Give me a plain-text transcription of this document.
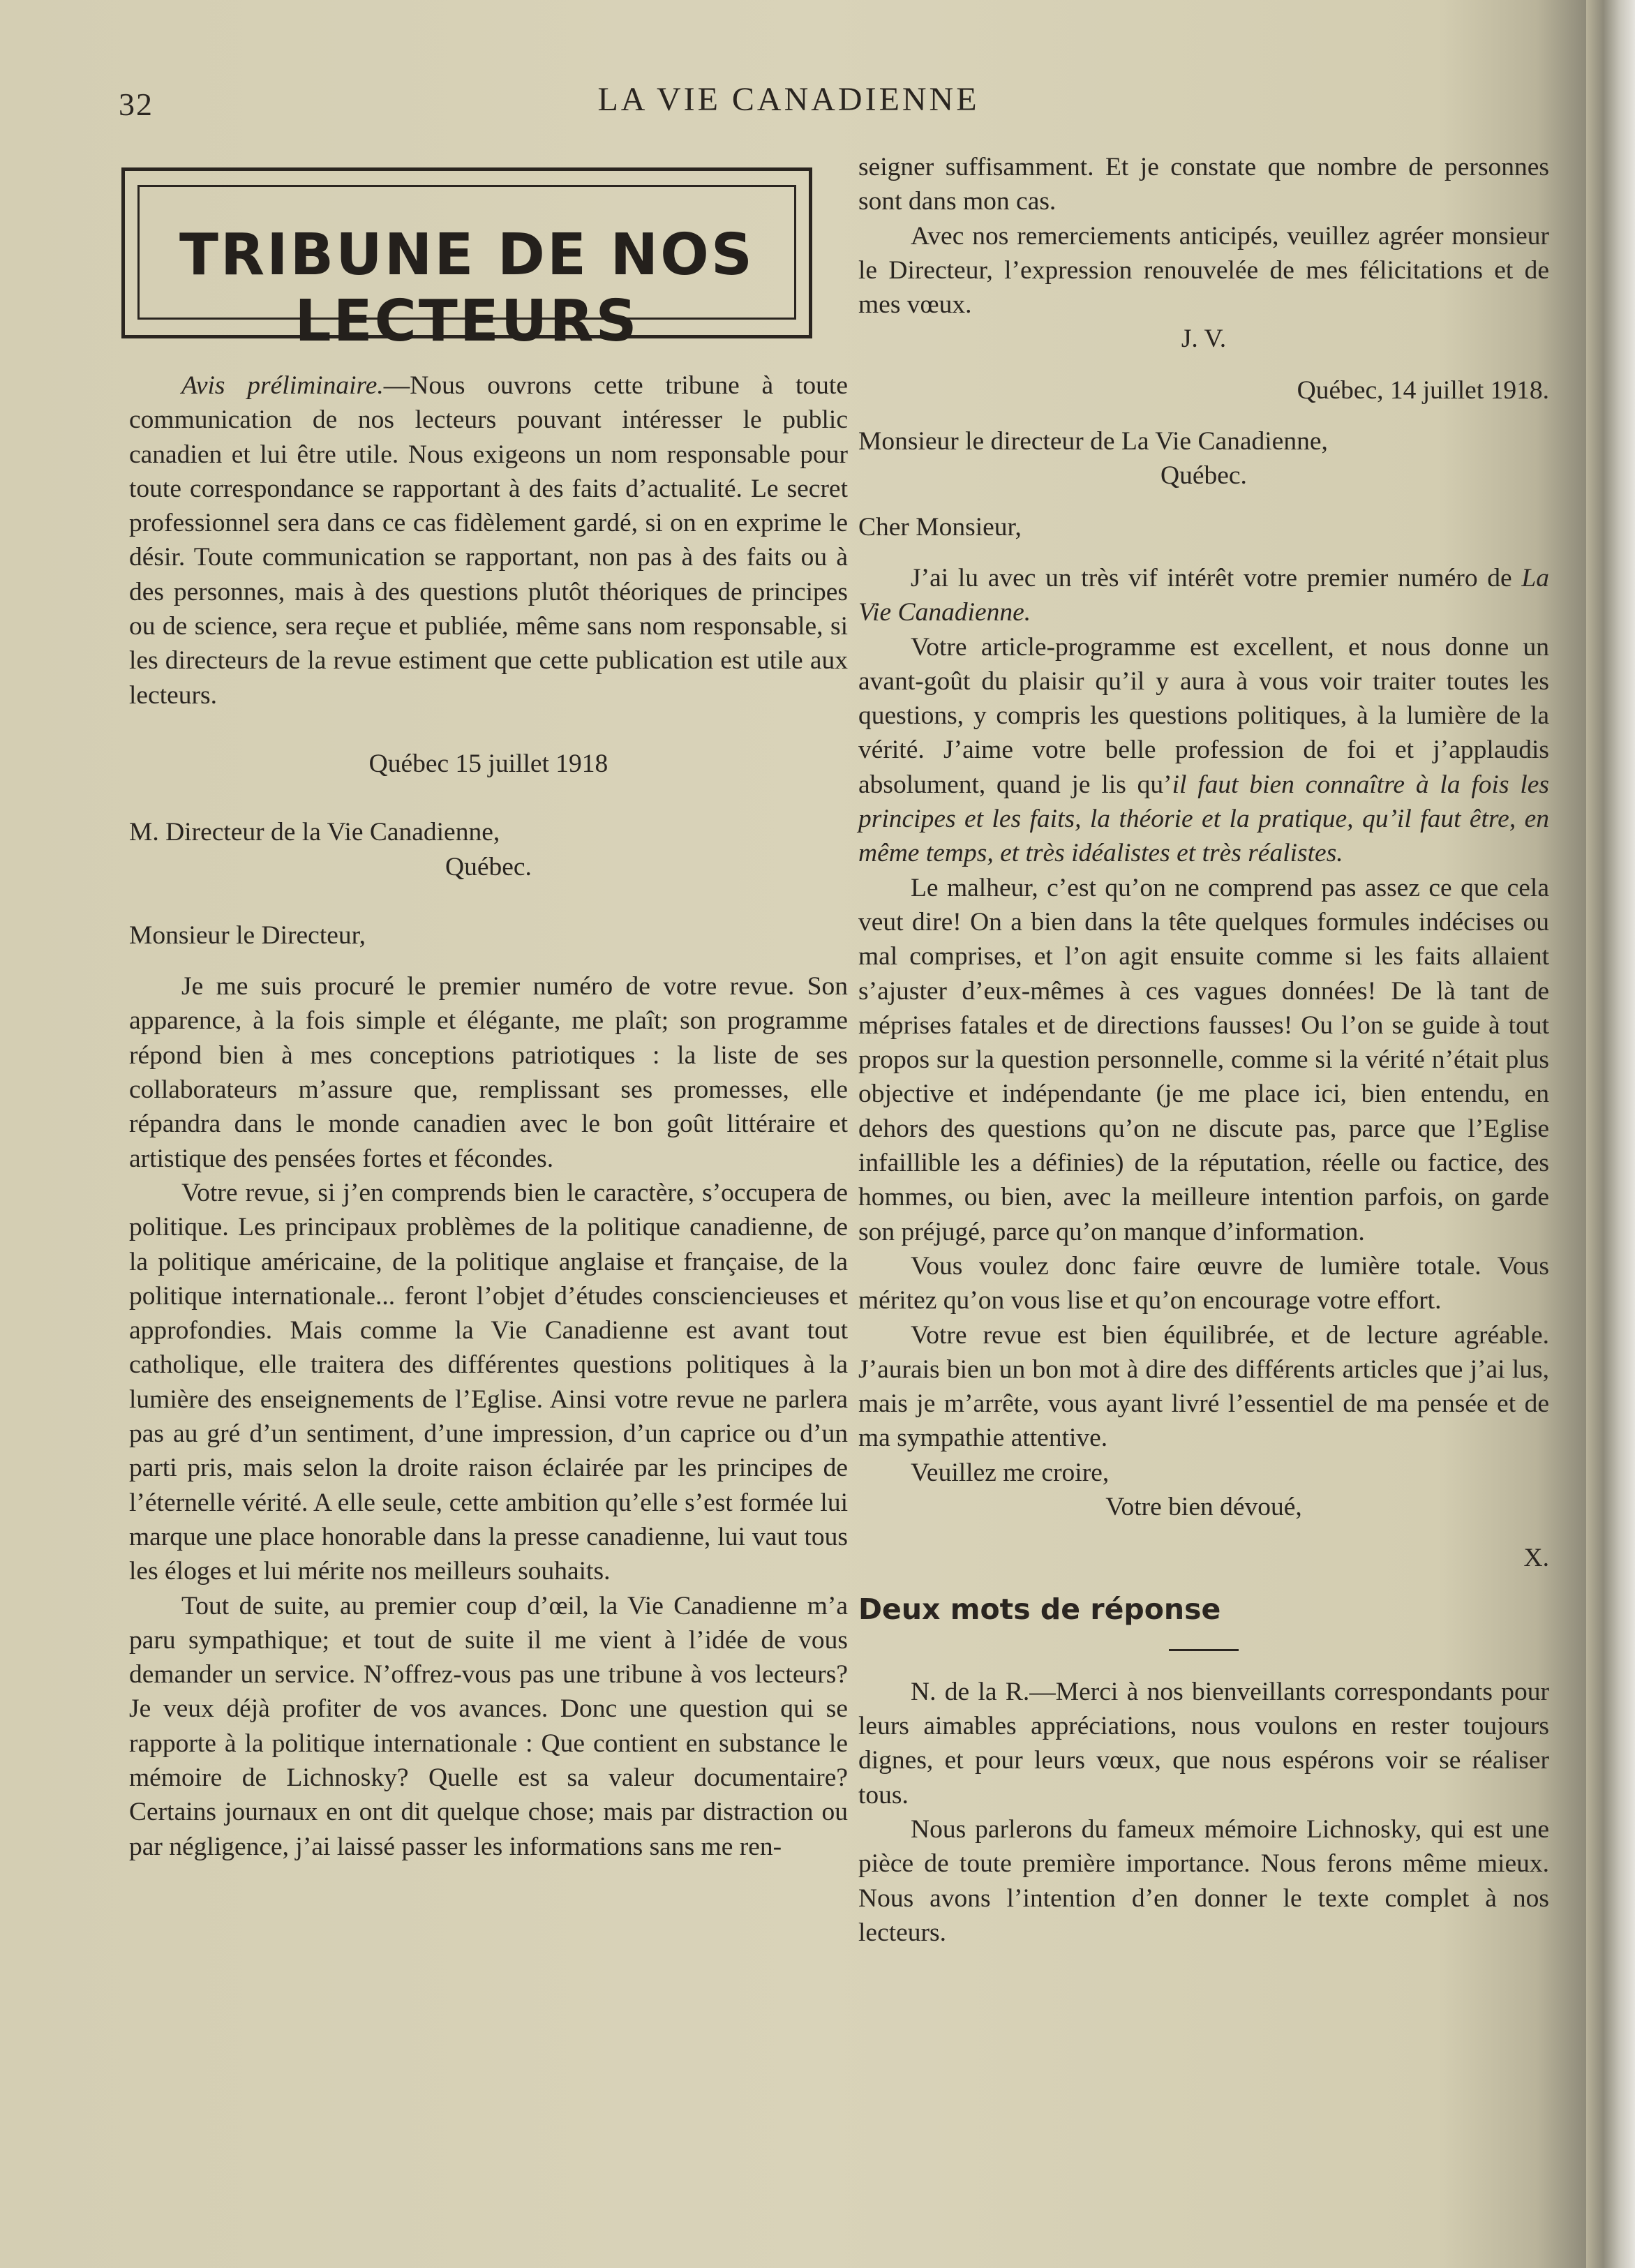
32	LA VIE CANADIENNE
TRIBUNE DE NOS LECTEURS

Avis préliminaire.—Nous ouvrons cette tribune à toute communication de nos lecteurs pouvant intéresser le public canadien et lui être utile. Nous exigeons un nom responsable pour toute correspondance se rapportant à des faits d’actualité. Le secret professionnel sera dans ce cas fidèlement gardé, si on en exprime le désir. Toute communication se rapportant, non pas à des faits ou à des personnes, mais à des questions plutôt théoriques de principes ou de science, sera reçue et publiée, même sans nom responsable, si les directeurs de la revue estiment que cette publication est utile aux lecteurs.

Québec 15 juillet 1918

M. Directeur de la Vie Canadienne,

Québec.

Monsieur le Directeur,

Je me suis procuré le premier numéro de votre revue. Son apparence, à la fois simple et élégante, me plaît; son programme répond bien à mes conceptions patriotiques : la liste de ses collaborateurs m’assure que, remplissant ses promesses, elle répandra dans le monde canadien avec le bon goût littéraire et artistique des pensées fortes et fécondes.

Votre revue, si j’en comprends bien le caractère, s’occupera de politique. Les principaux problèmes de la politique canadienne, de la politique américaine, de la politique anglaise et française, de la politique internationale... feront l’objet d’études consciencieuses et approfondies. Mais comme la Vie Canadienne est avant tout catholique, elle traitera des différentes questions politiques à la lumière des enseignements de l’Eglise. Ainsi votre revue ne parlera pas au gré d’un sentiment, d’une impression, d’un caprice ou d’un parti pris, mais selon la droite raison éclairée par les principes de l’éternelle vérité. A elle seule, cette ambition qu’elle s’est formée lui marque une place honorable dans la presse canadienne, lui vaut tous les éloges et lui mérite nos meilleurs souhaits.

Tout de suite, au premier coup d’œil, la Vie Canadienne m’a paru sympathique; et tout de suite il me vient à l’idée de vous demander un service. N’offrez-vous pas une tribune à vos lecteurs? Je veux déjà profiter de vos avances. Donc une question qui se rapporte à la politique internationale : Que contient en substance le mémoire de Lichnosky? Quelle est sa valeur documentaire? Certains journaux en ont dit quelque chose; mais par distraction ou par négligence, j’ai laissé passer les informations sans me ren-

seigner suffisamment. Et je constate que nombre de personnes sont dans mon cas.

Avec nos remerciements anticipés, veuillez agréer monsieur le Directeur, l’expression renouvelée de mes félicitations et de mes vœux.

J. V.

Québec, 14 juillet 1918.

Monsieur le directeur de La Vie Canadienne,

Québec.

Cher Monsieur,

J’ai lu avec un très vif intérêt votre premier numéro de La Vie Canadienne.

Votre article-programme est excellent, et nous donne un avant-goût du plaisir qu’il y aura à vous voir traiter toutes les questions, y compris les questions politiques, à la lumière de la vérité. J’aime votre belle profession de foi et j’applaudis absolument, quand je lis qu’il faut bien connaître à la fois les principes et les faits, la théorie et la pratique, qu’il faut être, en même temps, et très idéalistes et très réalistes.

Le malheur, c’est qu’on ne comprend pas assez ce que cela veut dire! On a bien dans la tête quelques formules indécises ou mal comprises, et l’on agit ensuite comme si les faits allaient s’ajuster d’eux-mêmes à ces vagues données! De là tant de méprises fatales et de directions fausses! Ou l’on se guide à tout propos sur la question personnelle, comme si la vérité n’était plus objective et indépendante (je me place ici, bien entendu, en dehors des questions qu’on ne discute pas, parce que l’Eglise infaillible les a définies) de la réputation, réelle ou factice, des hommes, ou bien, avec la meilleure intention parfois, on garde son préjugé, parce qu’on manque d’information.

Vous voulez donc faire œuvre de lumière totale. Vous méritez qu’on vous lise et qu’on encourage votre effort.

Votre revue est bien équilibrée, et de lecture agréable. J’aurais bien un bon mot à dire des différents articles que j’ai lus, mais je m’arrête, vous ayant livré l’essentiel de ma pensée et de ma sympathie attentive.

Veuillez me croire,

Votre bien dévoué,

X.

Deux mots de réponse

N. de la R.—Merci à nos bienveillants correspondants pour leurs aimables appréciations, nous voulons en rester toujours dignes, et pour leurs vœux, que nous espérons voir se réaliser tous.

Nous parlerons du fameux mémoire Lichnosky, qui est une pièce de toute première importance. Nous ferons même mieux. Nous avons l’intention d’en donner le texte complet à nos lecteurs.
